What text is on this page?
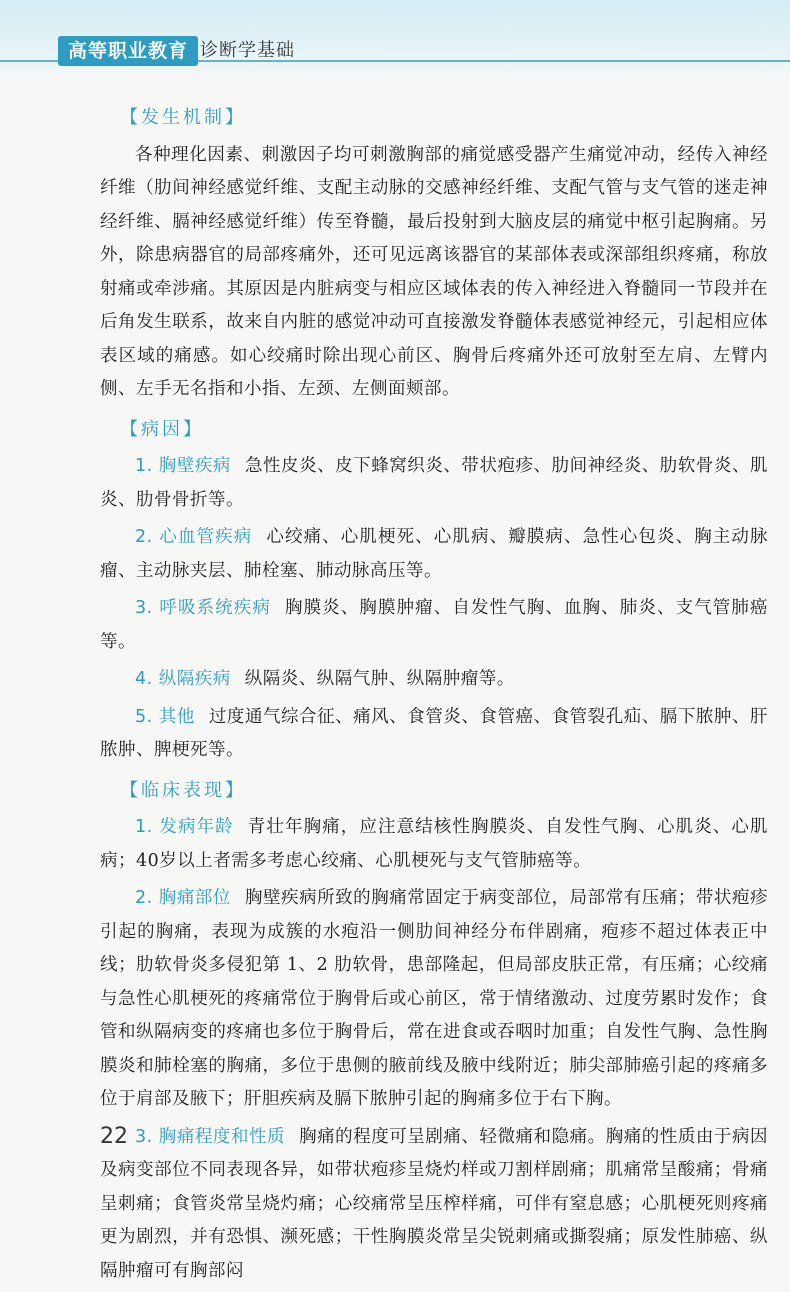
高等职业教育 诊断学基础
【发生机制】

各种理化因素、刺激因子均可刺激胸部的痛觉感受器产生痛觉冲动，经传入神经纤维（肋间神经感觉纤维、支配主动脉的交感神经纤维、支配气管与支气管的迷走神经纤维、膈神经感觉纤维）传至脊髓，最后投射到大脑皮层的痛觉中枢引起胸痛。另外，除患病器官的局部疼痛外，还可见远离该器官的某部体表或深部组织疼痛，称放射痛或牵涉痛。其原因是内脏病变与相应区域体表的传入神经进入脊髓同一节段并在后角发生联系，故来自内脏的感觉冲动可直接激发脊髓体表感觉神经元，引起相应体表区域的痛感。如心绞痛时除出现心前区、胸骨后疼痛外还可放射至左肩、左臂内侧、左手无名指和小指、左颈、左侧面颊部。

【病因】

1. 胸壁疾病 急性皮炎、皮下蜂窝织炎、带状疱疹、肋间神经炎、肋软骨炎、肌炎、肋骨骨折等。

2. 心血管疾病 心绞痛、心肌梗死、心肌病、瓣膜病、急性心包炎、胸主动脉瘤、主动脉夹层、肺栓塞、肺动脉高压等。

3. 呼吸系统疾病 胸膜炎、胸膜肿瘤、自发性气胸、血胸、肺炎、支气管肺癌等。

4. 纵隔疾病 纵隔炎、纵隔气肿、纵隔肿瘤等。

5. 其他 过度通气综合征、痛风、食管炎、食管癌、食管裂孔疝、膈下脓肿、肝脓肿、脾梗死等。

【临床表现】

1. 发病年龄 青壮年胸痛，应注意结核性胸膜炎、自发性气胸、心肌炎、心肌病；40岁以上者需多考虑心绞痛、心肌梗死与支气管肺癌等。

2. 胸痛部位 胸壁疾病所致的胸痛常固定于病变部位，局部常有压痛；带状疱疹引起的胸痛，表现为成簇的水疱沿一侧肋间神经分布伴剧痛，疱疹不超过体表正中线；肋软骨炎多侵犯第 1、2 肋软骨，患部隆起，但局部皮肤正常，有压痛；心绞痛与急性心肌梗死的疼痛常位于胸骨后或心前区，常于情绪激动、过度劳累时发作；食管和纵隔病变的疼痛也多位于胸骨后，常在进食或吞咽时加重；自发性气胸、急性胸膜炎和肺栓塞的胸痛，多位于患侧的腋前线及腋中线附近；肺尖部肺癌引起的疼痛多位于肩部及腋下；肝胆疾病及膈下脓肿引起的胸痛多位于右下胸。

3. 胸痛程度和性质 胸痛的程度可呈剧痛、轻微痛和隐痛。胸痛的性质由于病因及病变部位不同表现各异，如带状疱疹呈烧灼样或刀割样剧痛；肌痛常呈酸痛；骨痛呈刺痛；食管炎常呈烧灼痛；心绞痛常呈压榨样痛，可伴有窒息感；心肌梗死则疼痛更为剧烈，并有恐惧、濒死感；干性胸膜炎常呈尖锐刺痛或撕裂痛；原发性肺癌、纵隔肿瘤可有胸部闷

22
